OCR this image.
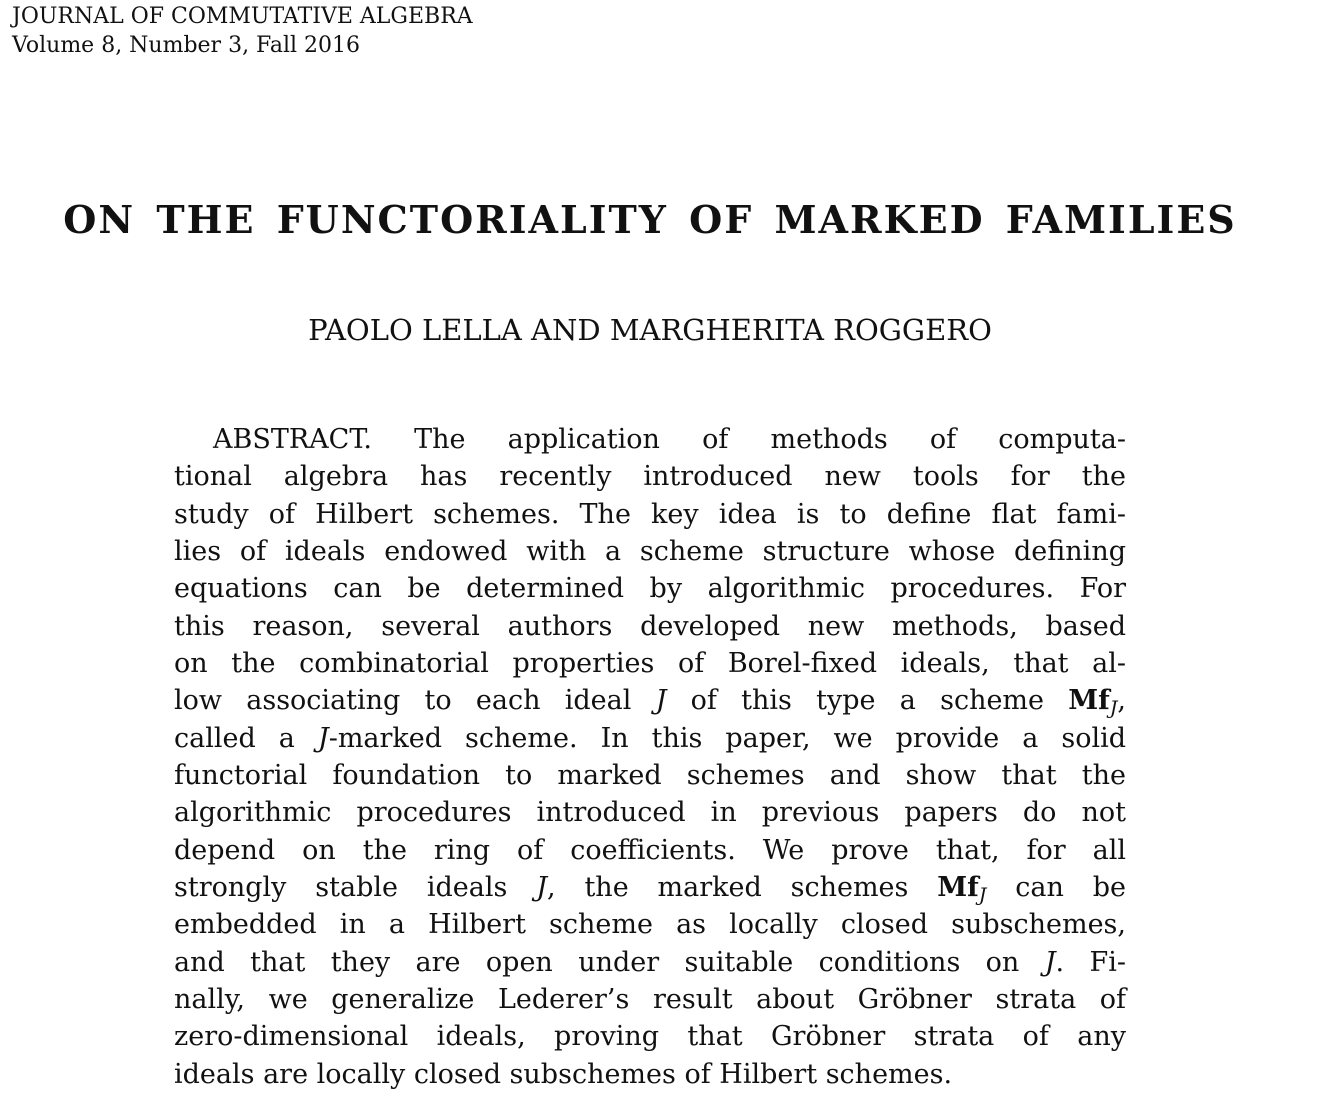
JOURNAL OF COMMUTATIVE ALGEBRA
Volume 8, Number 3, Fall 2016
ON THE FUNCTORIALITY OF MARKED FAMILIES
PAOLO LELLA AND MARGHERITA ROGGERO
ABSTRACT. The application of methods of computa-
tional algebra has recently introduced new tools for the
study of Hilbert schemes. The key idea is to define flat fami-
lies of ideals endowed with a scheme structure whose defining
equations can be determined by algorithmic procedures. For
this reason, several authors developed new methods, based
on the combinatorial properties of Borel-fixed ideals, that al-
low associating to each ideal J of this type a scheme MfJ,
called a J-marked scheme. In this paper, we provide a solid
functorial foundation to marked schemes and show that the
algorithmic procedures introduced in previous papers do not
depend on the ring of coefficients. We prove that, for all
strongly stable ideals J, the marked schemes MfJ can be
embedded in a Hilbert scheme as locally closed subschemes,
and that they are open under suitable conditions on J. Fi-
nally, we generalize Lederer’s result about Gröbner strata of
zero-dimensional ideals, proving that Gröbner strata of any
ideals are locally closed subschemes of Hilbert schemes.
